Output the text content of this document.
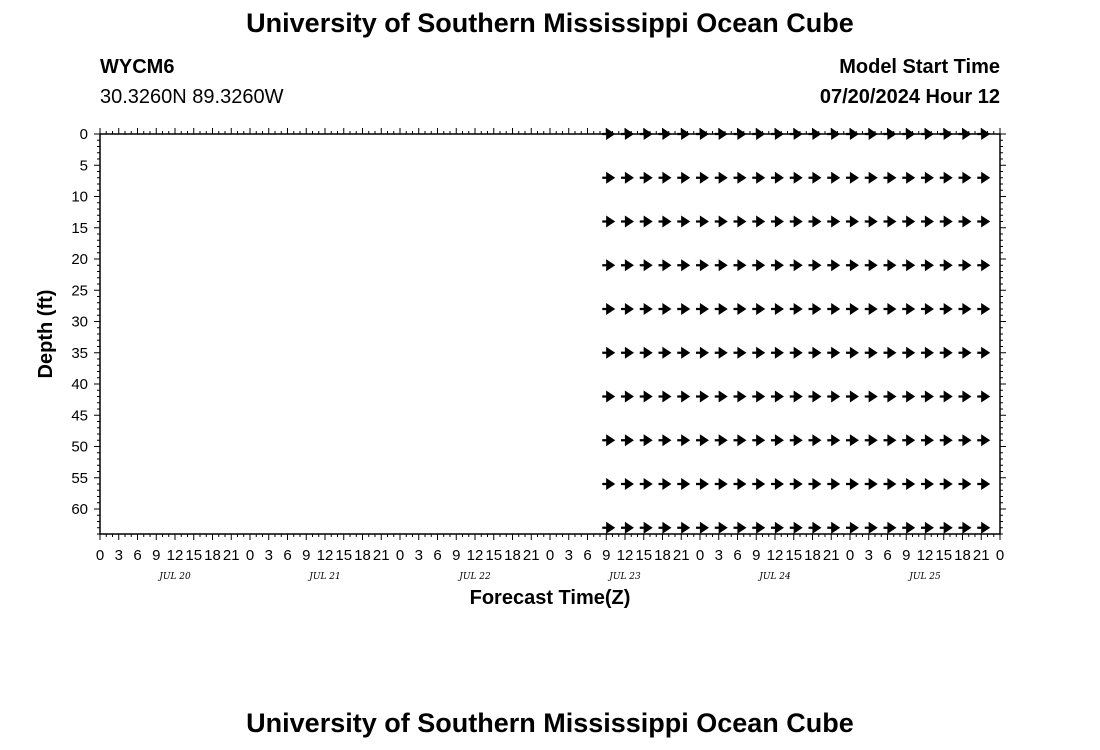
University of Southern Mississippi Ocean Cube
WYCM6
30.3260N 89.3260W
Model Start Time
07/20/2024 Hour 12
0 3 6 9 12 15 18 21 0 3 6 9 12 15 18 21 0 3 6 9 12 15 18 21 0 3 6 9 12 15 18 21 0 3 6 9 12 15 18 21 0 3 6 9 12 15 18 21 0
JUL 20	JUL 21	JUL 22	JUL 23	JUL 24	JUL 25
0
5
10
15
20
25
30
35
40
45
50
55
60
Forecast Time(Z)
Depth (ft)
University of Southern Mississippi Ocean Cube
